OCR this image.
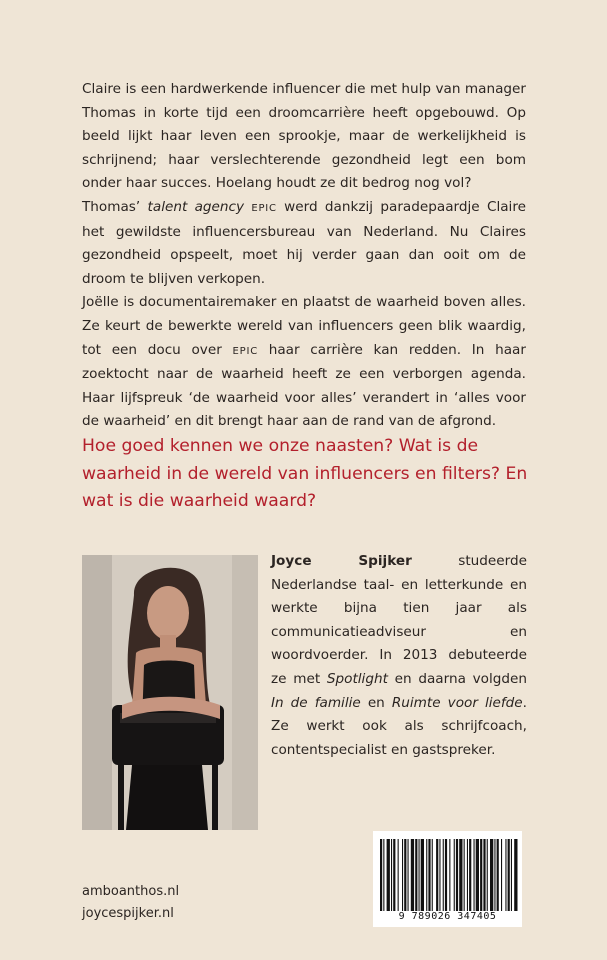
Claire is een hardwerkende influencer die met hulp van manager Thomas in korte tijd een droomcarrière heeft opgebouwd. Op beeld lijkt haar leven een sprookje, maar de werkelijkheid is schrijnend; haar verslechterende gezondheid legt een bom onder haar succes. Hoelang houdt ze dit bedrog nog vol?

Thomas’ talent agency EPIC werd dankzij paradepaardje Claire het gewildste influencersbureau van Nederland. Nu Claires gezondheid opspeelt, moet hij verder gaan dan ooit om de droom te blijven verkopen.

Joëlle is documentairemaker en plaatst de waarheid boven alles. Ze keurt de bewerkte wereld van influencers geen blik waardig, tot een docu over EPIC haar carrière kan redden. In haar zoektocht naar de waarheid heeft ze een verborgen agenda. Haar lijfspreuk ‘de waarheid voor alles’ verandert in ‘alles voor de waarheid’ en dit brengt haar aan de rand van de afgrond.

Hoe goed kennen we onze naasten? Wat is de waarheid in de wereld van influencers en filters? En wat is die waarheid waard?
Joyce Spijker	studeerde Nederlandse taal- en letterkunde en werkte bijna tien jaar als communicatieadviseur en woordvoerder. In 2013 debuteerde ze met Spotlight en daarna volgden In de familie en Ruimte voor liefde. Ze werkt ook als schrijfcoach, contentspecialist en gastspreker.
amboanthos.nl
joycespijker.nl	9 789026 347405
